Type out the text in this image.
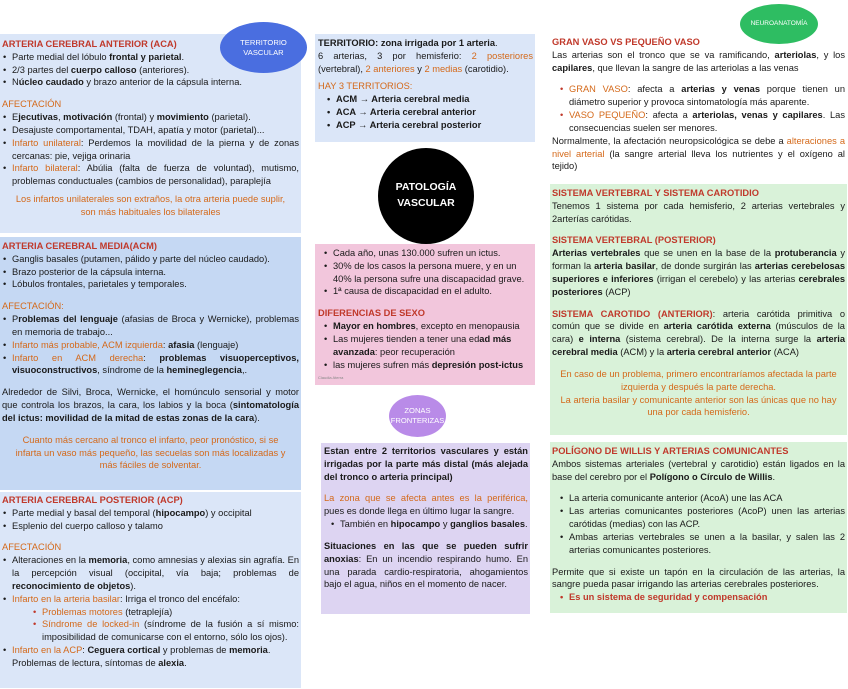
ARTERIA CEREBRAL ANTERIOR (ACA)
• Parte medial del lóbulo frontal y parietal.
• 2/3 partes del cuerpo calloso (anteriores).
• Núcleo caudado y brazo anterior de la cápsula interna.
AFECTACIÓN
• Ejecutivas, motivación (frontal) y movimiento (parietal).
• Desajuste comportamental, TDAH, apatía y motor (parietal)...
• Infarto unilateral: Perdemos la movilidad de la pierna y de zonas cercanas: pie, vejiga orinaria
• Infarto bilateral: Abúlia (falta de fuerza de voluntad), mutismo, problemas conductuales (cambios de personalidad), paraplejía
Los infartos unilaterales son extraños, la otra arteria puede suplir, son más habituales los bilaterales
ARTERIA CEREBRAL MEDIA(ACM)
• Ganglis basales (putamen, pálido y parte del núcleo caudado).
• Brazo posterior de la cápsula interna.
• Lóbulos frontales, parietales y temporales.
AFECTACIÓN:
• Problemas del lenguaje (afasias de Broca y Wernicke), problemas en memoria de trabajo...
• Infarto más probable, ACM izquierda: afasia (lenguaje)
• Infarto en ACM derecha: problemas visuoperceptivos, visuoconstructivos, síndrome de la hemineglegencia,.
Alrededor de Silvi, Broca, Wernicke, el homúnculo sensorial y motor que controla los brazos, la cara, los labios y la boca (sintomatología del ictus: movilidad de la mitad de estas zonas de la cara).
Cuanto más cercano al tronco el infarto, peor pronóstico, si se infarta un vaso más pequeño, las secuelas son más localizadas y más fáciles de solventar.
ARTERIA CEREBRAL POSTERIOR (ACP)
• Parte medial y basal del temporal (hipocampo) y occipital
• Esplenio del cuerpo calloso y talamo
AFECTACIÓN
• Alteraciones en la memoria, como amnesias y alexias sin agrafía. En la percepción visual (occipital, vía baja; problemas de reconocimiento de objetos).
• Infarto en la arteria basilar: Irriga el tronco del encéfalo:
• Problemas motores (tetraplejía)
• Síndrome de locked-in (síndrome de la fusión a sí mismo: imposibilidad de comunicarse con el entorno, sólo los ojos).
• Infarto en la ACP: Ceguera cortical y problemas de memoria. Problemas de lectura, síntomas de alexia.
TERRITORIO
VASCULAR
TERRITORIO: zona irrigada por 1 arteria.
6 arterias, 3 por hemisferio: 2 posteriores (vertebral), 2 anteriores y 2 medias (carotidio).
HAY 3 TERRITORIOS:
• ACM → Arteria cerebral media
• ACA → Arteria cerebral anterior
• ACP → Arteria cerebral posterior
PATOLOGÍA
VASCULAR
• Cada año, unas 130.000 sufren un ictus.
• 30% de los casos la persona muere, y en un 40% la persona sufre una discapacidad grave.
• 1ª causa de discapacidad en el adulto.
DIFERENCIAS DE SEXO
• Mayor en hombres, excepto en menopausia
• Las mujeres tienden a tener una edad más avanzada: peor recuperación
• las mujeres sufren más depresión post-ictus
Claudia Aterra
ZONAS
FRONTERIZAS
Estan entre 2 territorios vasculares y están irrigadas por la parte más distal (más alejada del tronco o arteria principal)
La zona que se afecta antes es la periférica, pues es donde llega en último lugar la sangre.
• También en hipocampo y ganglios basales.
Situaciones en las que se pueden sufrir anoxias: En un incendio respirando humo. En una parada cardio-respiratoria, ahogamientos bajo el agua, niños en el momento de nacer.
NEUROANATOMÍA
GRAN VASO VS PEQUEÑO VASO
Las arterias son el tronco que se va ramificando, arteriolas, y los capilares, que llevan la sangre de las arteriolas a las venas
• GRAN VASO: afecta a arterias y venas porque tienen un diámetro superior y provoca sintomatología más aparente.
• VASO PEQUEÑO: afecta a arteriolas, venas y capilares. Las consecuencias suelen ser menores.
Normalmente, la afectación neuropsicológica se debe a alteraciones a nivel arterial (la sangre arterial lleva los nutrientes y el oxígeno al tejido)
SISTEMA VERTEBRAL Y SISTEMA CAROTIDIO
Tenemos 1 sistema por cada hemisferio, 2 arterias vertebrales y 2arterías carótidas.
SISTEMA VERTEBRAL (POSTERIOR)
Arterias vertebrales que se unen en la base de la protuberancia y forman la arteria basilar, de donde surgirán las arterias cerebelosas superiores e inferiores (irrigan el cerebelo) y las arterias cerebrales posteriores (ACP)
SISTEMA CAROTIDO (ANTERIOR): arteria carótida primitiva o común que se divide en arteria carótida externa (músculos de la cara) e interna (sistema cerebral). De la interna surge la arteria cerebral media (ACM) y la arteria cerebral anterior (ACA)
En caso de un problema, primero encontraríamos afectada la parte izquierda y después la parte derecha.
La arteria basilar y comunicante anterior son las únicas que no hay una por cada hemisferio.
POLÍGONO DE WILLIS Y ARTERIAS COMUNICANTES
Ambos sistemas arteriales (vertebral y carotidio) están ligados en la base del cerebro por el Polígono o Círculo de Willis.
• La arteria comunicante anterior (AcoA) une las ACA
• Las arterias comunicantes posteriores (AcoP) unen las arterias carótidas (medias) con las ACP.
• Ambas arterias vertebrales se unen a la basilar, y salen las 2 arterias comunicantes posteriores.
Permite que si existe un tapón en la circulación de las arterias, la sangre pueda pasar irrigando las arterias cerebrales posteriores.
• Es un sistema de seguridad y compensación
